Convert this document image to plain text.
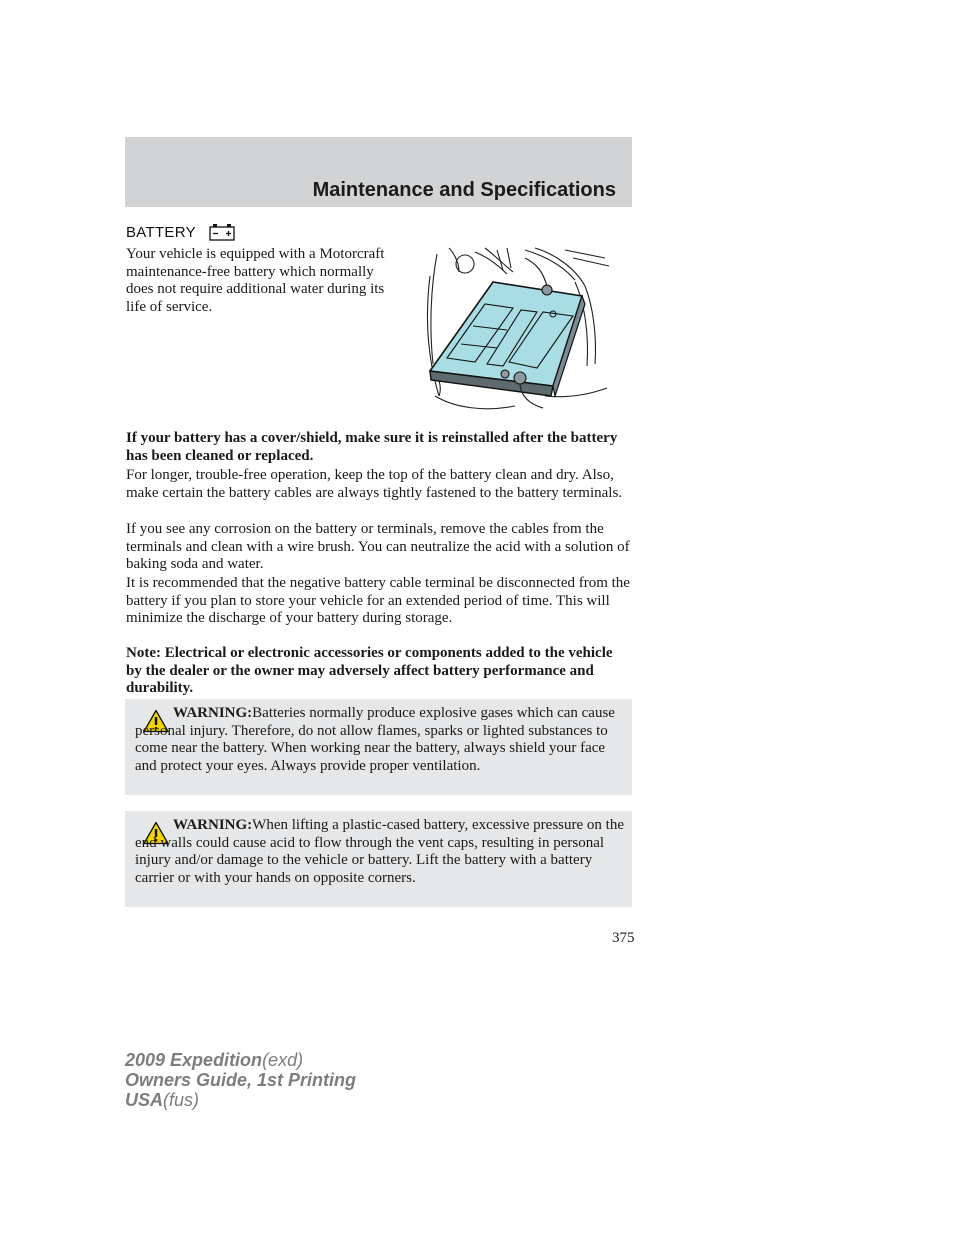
Maintenance and Specifications
BATTERY

Your vehicle is equipped with a Motorcraft maintenance-free battery which normally does not require additional water during its life of service.

If your battery has a cover/shield, make sure it is reinstalled after the battery has been cleaned or replaced.

For longer, trouble-free operation, keep the top of the battery clean and dry. Also, make certain the battery cables are always tightly fastened to the battery terminals.

If you see any corrosion on the battery or terminals, remove the cables from the terminals and clean with a wire brush. You can neutralize the acid with a solution of baking soda and water.

It is recommended that the negative battery cable terminal be disconnected from the battery if you plan to store your vehicle for an extended period of time. This will minimize the discharge of your battery during storage.

Note: Electrical or electronic accessories or components added to the vehicle by the dealer or the owner may adversely affect battery performance and durability.

WARNING:Batteries normally produce explosive gases which can cause personal injury. Therefore, do not allow flames, sparks or lighted substances to come near the battery. When working near the battery, always shield your face and protect your eyes. Always provide proper ventilation.

WARNING:When lifting a plastic-cased battery, excessive pressure on the end walls could cause acid to flow through the vent caps, resulting in personal injury and/or damage to the vehicle or battery. Lift the battery with a battery carrier or with your hands on opposite corners.

375
2009 Expedition(exd)
Owners Guide, 1st Printing
USA(fus)
